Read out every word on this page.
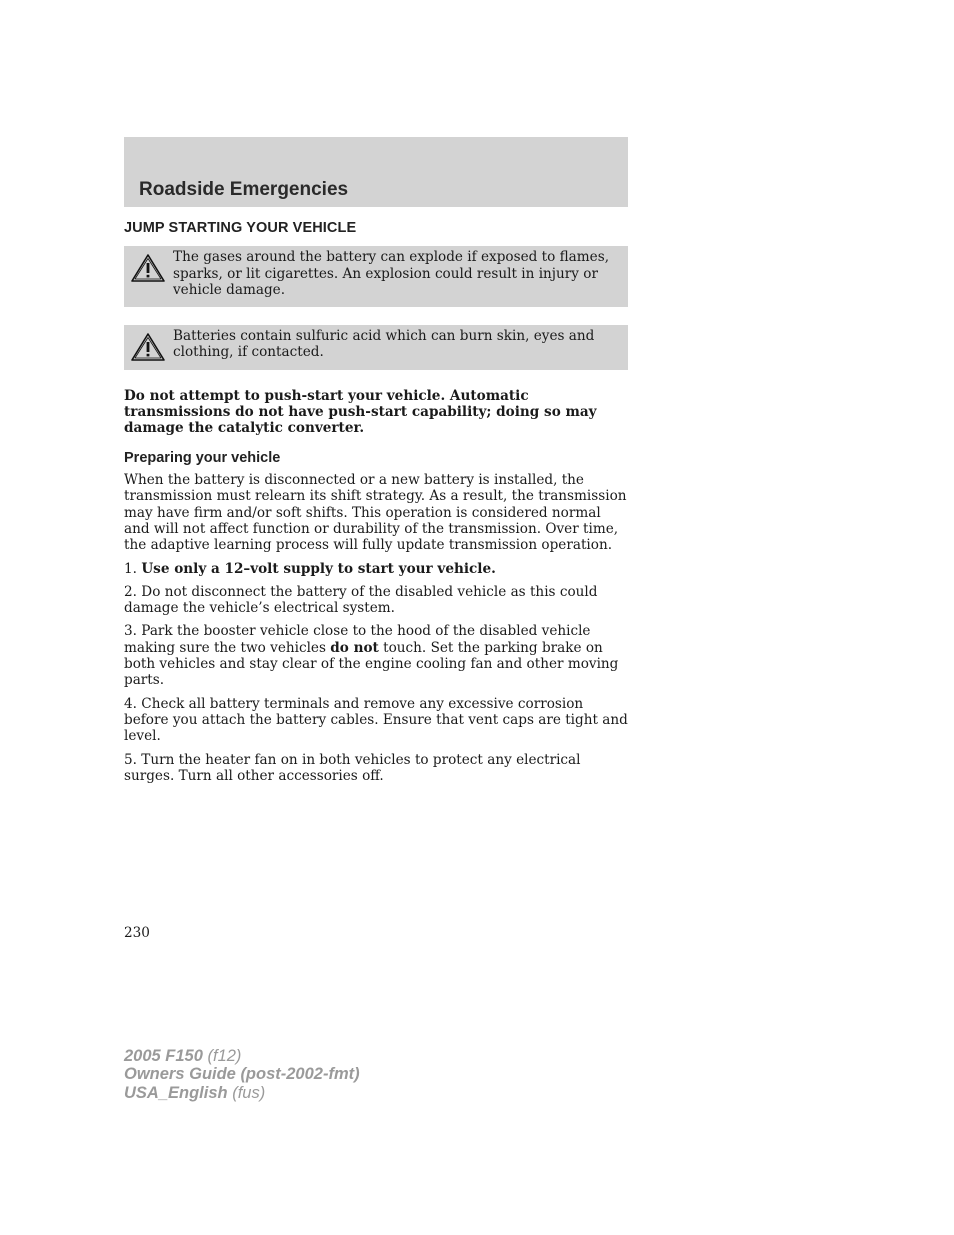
Roadside Emergencies
JUMP STARTING YOUR VEHICLE
The gases around the battery can explode if exposed to flames, sparks, or lit cigarettes. An explosion could result in injury or vehicle damage.
Batteries contain sulfuric acid which can burn skin, eyes and clothing, if contacted.

Do not attempt to push-start your vehicle. Automatic transmissions do not have push-start capability; doing so may damage the catalytic converter.

Preparing your vehicle

When the battery is disconnected or a new battery is installed, the transmission must relearn its shift strategy. As a result, the transmission may have firm and/or soft shifts. This operation is considered normal and will not affect function or durability of the transmission. Over time, the adaptive learning process will fully update transmission operation.

1. Use only a 12–volt supply to start your vehicle.

2. Do not disconnect the battery of the disabled vehicle as this could damage the vehicle’s electrical system.

3. Park the booster vehicle close to the hood of the disabled vehicle making sure the two vehicles do not touch. Set the parking brake on both vehicles and stay clear of the engine cooling fan and other moving parts.

4. Check all battery terminals and remove any excessive corrosion before you attach the battery cables. Ensure that vent caps are tight and level.

5. Turn the heater fan on in both vehicles to protect any electrical surges. Turn all other accessories off.

230
2005 F150 (f12)
Owners Guide (post-2002-fmt)
USA_English (fus)
